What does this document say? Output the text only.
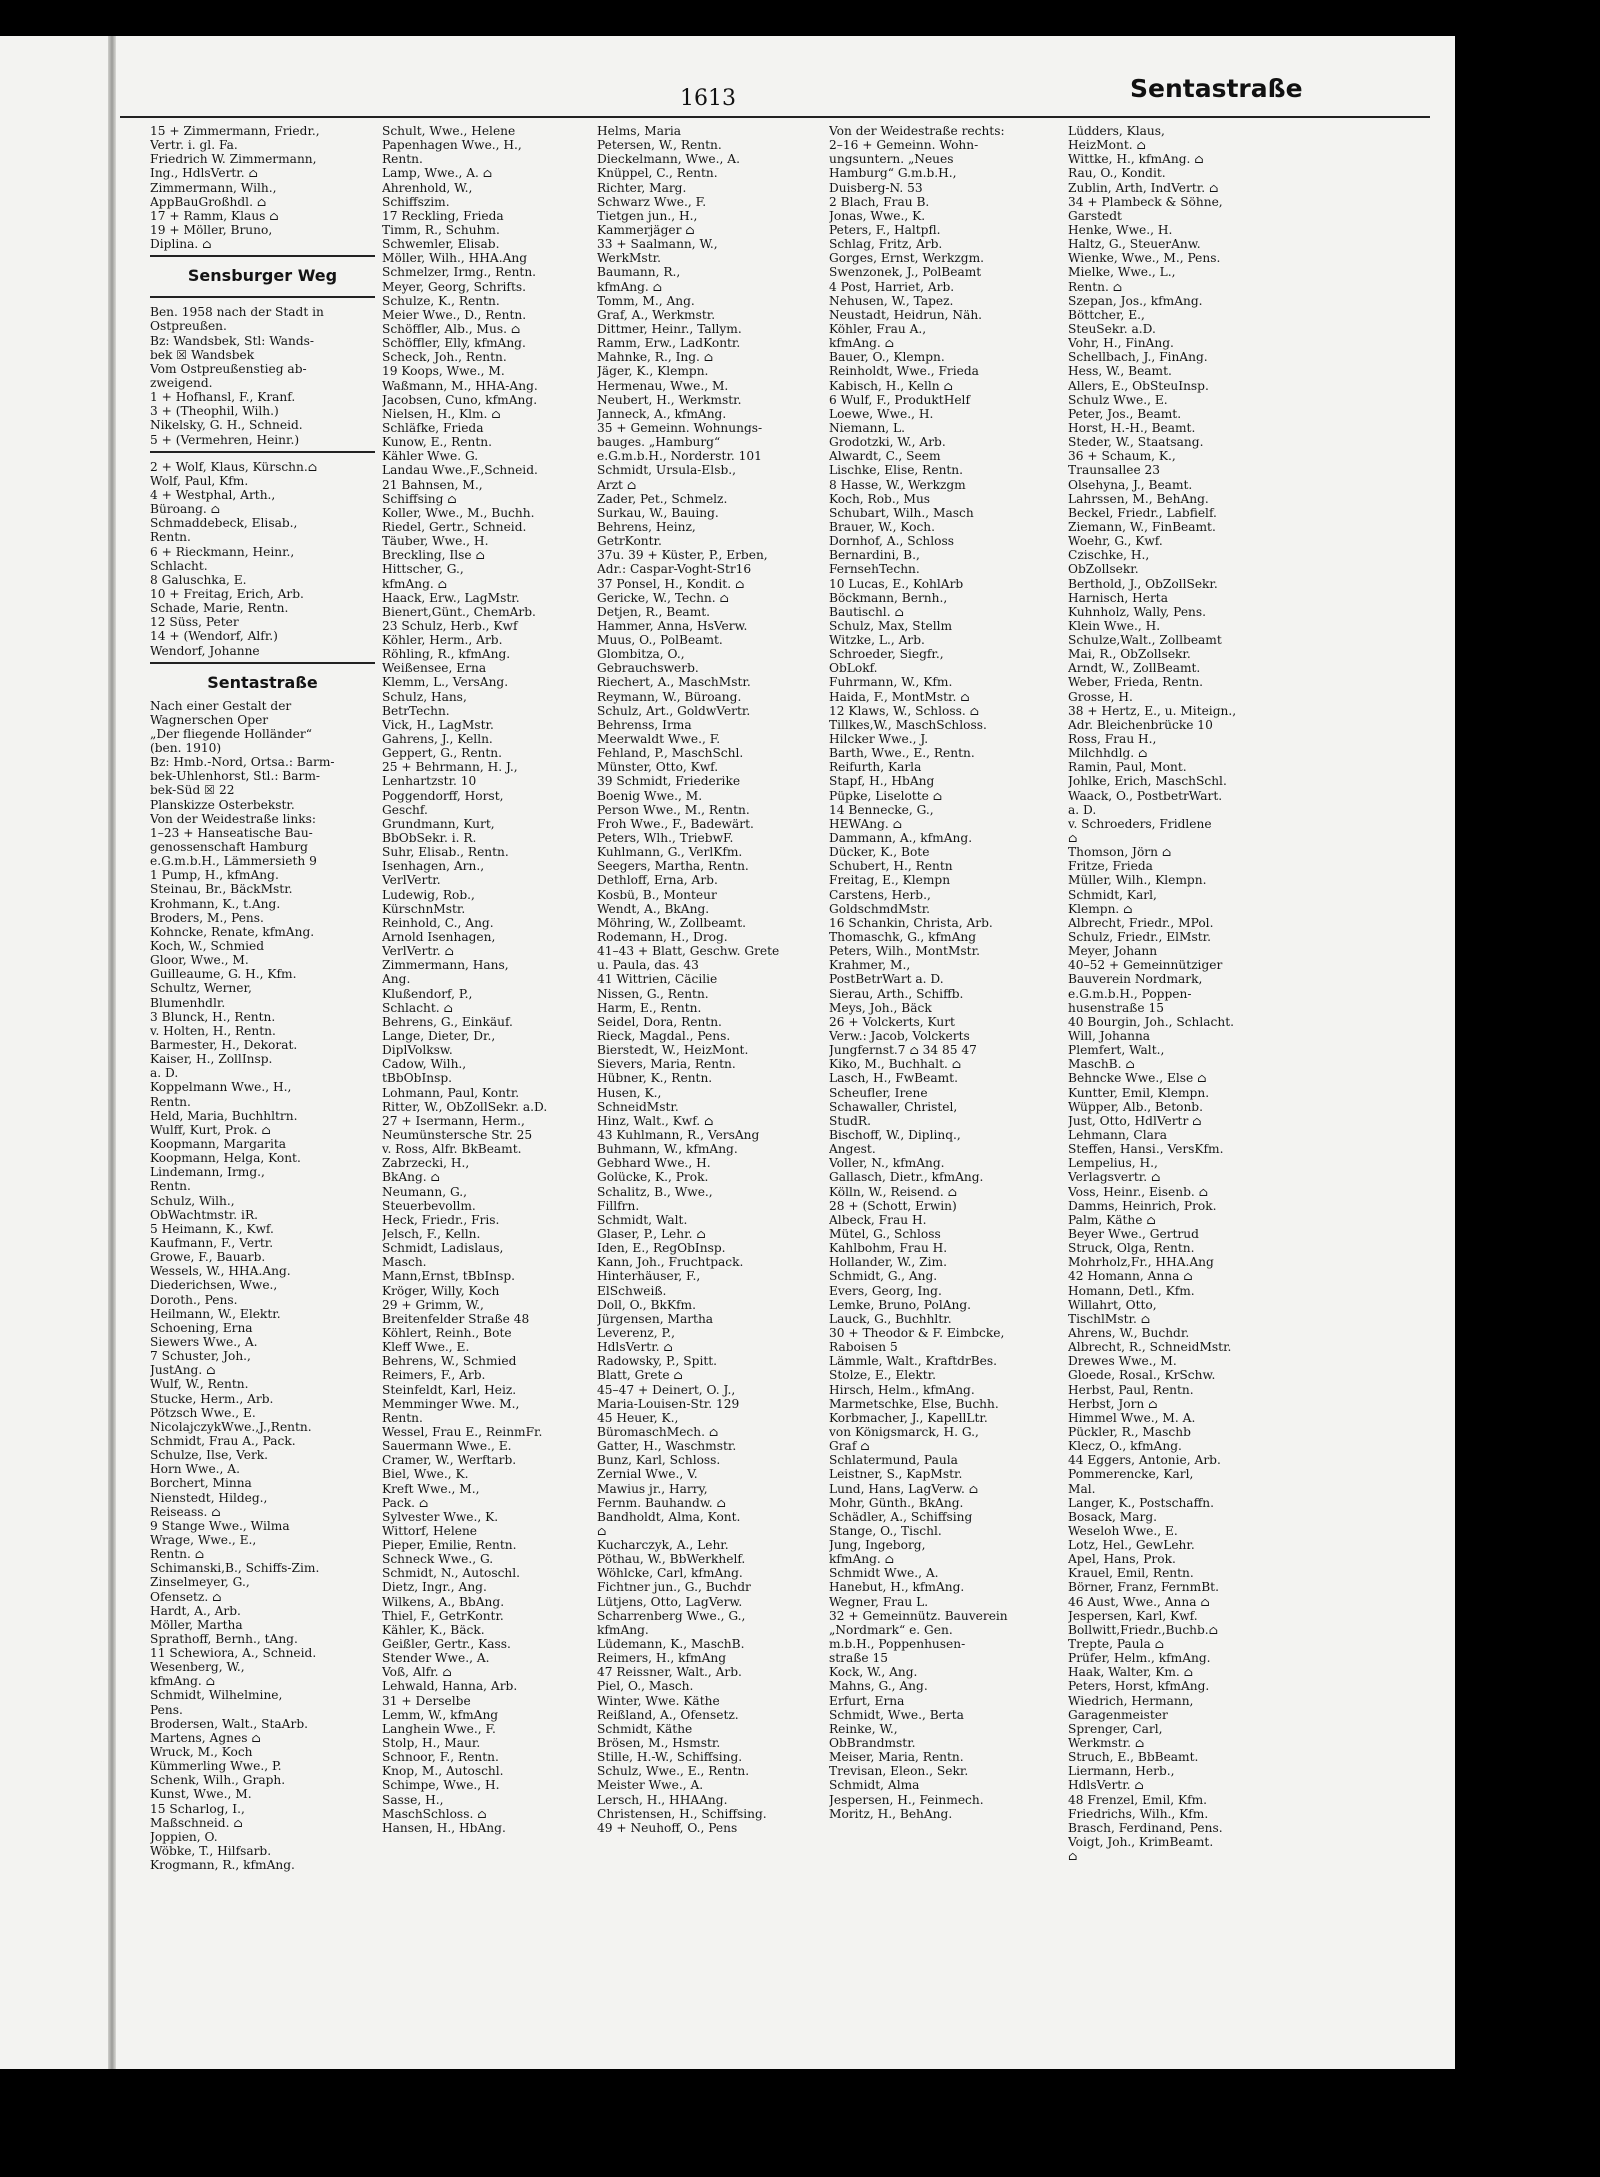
1613	Sentastraße
15 + Zimmermann, Friedr.,
Vertr. i. gl. Fa.
Friedrich W. Zimmermann,
Ing., HdlsVertr. ⌂
Zimmermann, Wilh.,
AppBauGroßhdl. ⌂
17 + Ramm, Klaus ⌂
19 + Möller, Bruno,
Diplina. ⌂
Sensburger Weg
Ben. 1958 nach der Stadt in
Ostpreußen.
Bz: Wandsbek, Stl: Wands-
bek ☒ Wandsbek
Vom Ostpreußenstieg ab-
zweigend.
1 + Hofhansl, F., Kranf.
3 + (Theophil, Wilh.)
Nikelsky, G. H., Schneid.
5 + (Vermehren, Heinr.)
2 + Wolf, Klaus, Kürschn.⌂
Wolf, Paul, Kfm.
4 + Westphal, Arth.,
Büroang. ⌂
Schmaddebeck, Elisab.,
Rentn.
6 + Rieckmann, Heinr.,
Schlacht.
8 Galuschka, E.
10 + Freitag, Erich, Arb.
Schade, Marie, Rentn.
12 Süss, Peter
14 + (Wendorf, Alfr.)
Wendorf, Johanne
Sentastraße
Nach einer Gestalt der
Wagnerschen Oper
„Der fliegende Holländer“
(ben. 1910)
Bz: Hmb.-Nord, Ortsa.: Barm-
bek-Uhlenhorst, Stl.: Barm-
bek-Süd ☒ 22
Planskizze Osterbekstr.
Von der Weidestraße links:
1–23 + Hanseatische Bau-
genossenschaft Hamburg
e.G.m.b.H., Lämmersieth 9
1 Pump, H., kfmAng.
Steinau, Br., BäckMstr.
Krohmann, K., t.Ang.
Broders, M., Pens.
Kohncke, Renate, kfmAng.
Koch, W., Schmied
Gloor, Wwe., M.
Guilleaume, G. H., Kfm.
Schultz, Werner,
Blumenhdlr.
3 Blunck, H., Rentn.
v. Holten, H., Rentn.
Barmester, H., Dekorat.
Kaiser, H., ZollInsp.
a. D.
Koppelmann Wwe., H.,
Rentn.
Held, Maria, Buchhltrn.
Wulff, Kurt, Prok. ⌂
Koopmann, Margarita
Koopmann, Helga, Kont.
Lindemann, Irmg.,
Rentn.
Schulz, Wilh.,
ObWachtmstr. iR.
5 Heimann, K., Kwf.
Kaufmann, F., Vertr.
Growe, F., Bauarb.
Wessels, W., HHA.Ang.
Diederichsen, Wwe.,
Doroth., Pens.
Heilmann, W., Elektr.
Schoening, Erna
Siewers Wwe., A.
7 Schuster, Joh.,
JustAng. ⌂
Wulf, W., Rentn.
Stucke, Herm., Arb.
Pötzsch Wwe., E.
NicolajczykWwe.,J.,Rentn.
Schmidt, Frau A., Pack.
Schulze, Ilse, Verk.
Horn Wwe., A.
Borchert, Minna
Nienstedt, Hildeg.,
Reiseass. ⌂
9 Stange Wwe., Wilma
Wrage, Wwe., E.,
Rentn. ⌂
Schimanski,B., Schiffs-Zim.
Zinselmeyer, G.,
Ofensetz. ⌂
Hardt, A., Arb.
Möller, Martha
Sprathoff, Bernh., tAng.
11 Schewiora, A., Schneid.
Wesenberg, W.,
kfmAng. ⌂
Schmidt, Wilhelmine,
Pens.
Brodersen, Walt., StaArb.
Martens, Agnes ⌂
Wruck, M., Koch
Kümmerling Wwe., P.
Schenk, Wilh., Graph.
Kunst, Wwe., M.
15 Scharlog, I.,
Maßschneid. ⌂
Joppien, O.
Wöbke, T., Hilfsarb.
Krogmann, R., kfmAng.
Schult, Wwe., Helene
Papenhagen Wwe., H.,
Rentn.
Lamp, Wwe., A. ⌂
Ahrenhold, W.,
Schiffszim.
17 Reckling, Frieda
Timm, R., Schuhm.
Schwemler, Elisab.
Möller, Wilh., HHA.Ang
Schmelzer, Irmg., Rentn.
Meyer, Georg, Schrifts.
Schulze, K., Rentn.
Meier Wwe., D., Rentn.
Schöffler, Alb., Mus. ⌂
Schöffler, Elly, kfmAng.
Scheck, Joh., Rentn.
19 Koops, Wwe., M.
Waßmann, M., HHA-Ang.
Jacobsen, Cuno, kfmAng.
Nielsen, H., Klm. ⌂
Schläfke, Frieda
Kunow, E., Rentn.
Kähler Wwe. G.
Landau Wwe.,F.,Schneid.
21 Bahnsen, M.,
Schiffsing ⌂
Koller, Wwe., M., Buchh.
Riedel, Gertr., Schneid.
Täuber, Wwe., H.
Breckling, Ilse ⌂
Hittscher, G.,
kfmAng. ⌂
Haack, Erw., LagMstr.
Bienert,Günt., ChemArb.
23 Schulz, Herb., Kwf
Köhler, Herm., Arb.
Röhling, R., kfmAng.
Weißensee, Erna
Klemm, L., VersAng.
Schulz, Hans,
BetrTechn.
Vick, H., LagMstr.
Gahrens, J., Kelln.
Geppert, G., Rentn.
25 + Behrmann, H. J.,
Lenhartzstr. 10
Poggendorff, Horst,
Geschf.
Grundmann, Kurt,
BbObSekr. i. R.
Suhr, Elisab., Rentn.
Isenhagen, Arn.,
VerlVertr.
Ludewig, Rob.,
KürschnMstr.
Reinhold, C., Ang.
Arnold Isenhagen,
VerlVertr. ⌂
Zimmermann, Hans,
Ang.
Klußendorf, P.,
Schlacht. ⌂
Behrens, G., Einkäuf.
Lange, Dieter, Dr.,
DiplVolksw.
Cadow, Wilh.,
tBbObInsp.
Lohmann, Paul, Kontr.
Ritter, W., ObZollSekr. a.D.
27 + Isermann, Herm.,
Neumünstersche Str. 25
v. Ross, Alfr. BkBeamt.
Zabrzecki, H.,
BkAng. ⌂
Neumann, G.,
Steuerbevollm.
Heck, Friedr., Fris.
Jelsch, F., Kelln.
Schmidt, Ladislaus,
Masch.
Mann,Ernst, tBbInsp.
Kröger, Willy, Koch
29 + Grimm, W.,
Breitenfelder Straße 48
Köhlert, Reinh., Bote
Kleff Wwe., E.
Behrens, W., Schmied
Reimers, F., Arb.
Steinfeldt, Karl, Heiz.
Memminger Wwe. M.,
Rentn.
Wessel, Frau E., ReinmFr.
Sauermann Wwe., E.
Cramer, W., Werftarb.
Biel, Wwe., K.
Kreft Wwe., M.,
Pack. ⌂
Sylvester Wwe., K.
Wittorf, Helene
Pieper, Emilie, Rentn.
Schneck Wwe., G.
Schmidt, N., Autoschl.
Dietz, Ingr., Ang.
Wilkens, A., BbAng.
Thiel, F., GetrKontr.
Kähler, K., Bäck.
Geißler, Gertr., Kass.
Stender Wwe., A.
Voß, Alfr. ⌂
Lehwald, Hanna, Arb.
31 + Derselbe
Lemm, W., kfmAng
Langhein Wwe., F.
Stolp, H., Maur.
Schnoor, F., Rentn.
Knop, M., Autoschl.
Schimpe, Wwe., H.
Sasse, H.,
MaschSchloss. ⌂
Hansen, H., HbAng.
Helms, Maria
Petersen, W., Rentn.
Dieckelmann, Wwe., A.
Knüppel, C., Rentn.
Richter, Marg.
Schwarz Wwe., F.
Tietgen jun., H.,
Kammerjäger ⌂
33 + Saalmann, W.,
WerkMstr.
Baumann, R.,
kfmAng. ⌂
Tomm, M., Ang.
Graf, A., Werkmstr.
Dittmer, Heinr., Tallym.
Ramm, Erw., LadKontr.
Mahnke, R., Ing. ⌂
Jäger, K., Klempn.
Hermenau, Wwe., M.
Neubert, H., Werkmstr.
Janneck, A., kfmAng.
35 + Gemeinn. Wohnungs-
bauges. „Hamburg“
e.G.m.b.H., Norderstr. 101
Schmidt, Ursula-Elsb.,
Arzt ⌂
Zader, Pet., Schmelz.
Surkau, W., Bauing.
Behrens, Heinz,
GetrKontr.
37u. 39 + Küster, P., Erben,
Adr.: Caspar-Voght-Str16
37 Ponsel, H., Kondit. ⌂
Gericke, W., Techn. ⌂
Detjen, R., Beamt.
Hammer, Anna, HsVerw.
Muus, O., PolBeamt.
Glombitza, O.,
Gebrauchswerb.
Riechert, A., MaschMstr.
Reymann, W., Büroang.
Schulz, Art., GoldwVertr.
Behrenss, Irma
Meerwaldt Wwe., F.
Fehland, P., MaschSchl.
Münster, Otto, Kwf.
39 Schmidt, Friederike
Boenig Wwe., M.
Person Wwe., M., Rentn.
Froh Wwe., F., Badewärt.
Peters, Wlh., TriebwF.
Kuhlmann, G., VerlKfm.
Seegers, Martha, Rentn.
Dethloff, Erna, Arb.
Kosbü, B., Monteur
Wendt, A., BkAng.
Möhring, W., Zollbeamt.
Rodemann, H., Drog.
41–43 + Blatt, Geschw. Grete
u. Paula, das. 43
41 Wittrien, Cäcilie
Nissen, G., Rentn.
Harm, E., Rentn.
Seidel, Dora, Rentn.
Rieck, Magdal., Pens.
Bierstedt, W., HeizMont.
Sievers, Maria, Rentn.
Hübner, K., Rentn.
Husen, K.,
SchneidMstr.
Hinz, Walt., Kwf. ⌂
43 Kuhlmann, R., VersAng
Buhmann, W., kfmAng.
Gebhard Wwe., H.
Golücke, K., Prok.
Schalitz, B., Wwe.,
Fillfrn.
Schmidt, Walt.
Glaser, P., Lehr. ⌂
Iden, E., RegObInsp.
Kann, Joh., Fruchtpack.
Hinterhäuser, F.,
ElSchweiß.
Doll, O., BkKfm.
Jürgensen, Martha
Leverenz, P.,
HdlsVertr. ⌂
Radowsky, P., Spitt.
Blatt, Grete ⌂
45–47 + Deinert, O. J.,
Maria-Louisen-Str. 129
45 Heuer, K.,
BüromaschMech. ⌂
Gatter, H., Waschmstr.
Bunz, Karl, Schloss.
Zernial Wwe., V.
Mawius jr., Harry,
Fernm. Bauhandw. ⌂
Bandholdt, Alma, Kont.
⌂
Kucharczyk, A., Lehr.
Pöthau, W., BbWerkhelf.
Wöhlcke, Carl, kfmAng.
Fichtner jun., G., Buchdr
Lütjens, Otto, LagVerw.
Scharrenberg Wwe., G.,
kfmAng.
Lüdemann, K., MaschB.
Reimers, H., kfmAng
47 Reissner, Walt., Arb.
Piel, O., Masch.
Winter, Wwe. Käthe
Reißland, A., Ofensetz.
Schmidt, Käthe
Brösen, M., Hsmstr.
Stille, H.-W., Schiffsing.
Schulz, Wwe., E., Rentn.
Meister Wwe., A.
Lersch, H., HHAAng.
Christensen, H., Schiffsing.
49 + Neuhoff, O., Pens
Von der Weidestraße rechts:
2–16 + Gemeinn. Wohn-
ungsuntern. „Neues
Hamburg“ G.m.b.H.,
Duisberg-N. 53
2 Blach, Frau B.
Jonas, Wwe., K.
Peters, F., Haltpfl.
Schlag, Fritz, Arb.
Gorges, Ernst, Werkzgm.
Swenzonek, J., PolBeamt
4 Post, Harriet, Arb.
Nehusen, W., Tapez.
Neustadt, Heidrun, Näh.
Köhler, Frau A.,
kfmAng. ⌂
Bauer, O., Klempn.
Reinholdt, Wwe., Frieda
Kabisch, H., Kelln ⌂
6 Wulf, F., ProduktHelf
Loewe, Wwe., H.
Niemann, L.
Grodotzki, W., Arb.
Alwardt, C., Seem
Lischke, Elise, Rentn.
8 Hasse, W., Werkzgm
Koch, Rob., Mus
Schubart, Wilh., Masch
Brauer, W., Koch.
Dornhof, A., Schloss
Bernardini, B.,
FernsehTechn.
10 Lucas, E., KohlArb
Böckmann, Bernh.,
Bautischl. ⌂
Schulz, Max, Stellm
Witzke, L., Arb.
Schroeder, Siegfr.,
ObLokf.
Fuhrmann, W., Kfm.
Haida, F., MontMstr. ⌂
12 Klaws, W., Schloss. ⌂
Tillkes,W., MaschSchloss.
Hilcker Wwe., J.
Barth, Wwe., E., Rentn.
Reifurth, Karla
Stapf, H., HbAng
Püpke, Liselotte ⌂
14 Bennecke, G.,
HEWAng. ⌂
Dammann, A., kfmAng.
Dücker, K., Bote
Schubert, H., Rentn
Freitag, E., Klempn
Carstens, Herb.,
GoldschmdMstr.
16 Schankin, Christa, Arb.
Thomaschk, G., kfmAng
Peters, Wilh., MontMstr.
Krahmer, M.,
PostBetrWart a. D.
Sierau, Arth., Schiffb.
Meys, Joh., Bäck
26 + Volckerts, Kurt
Verw.: Jacob, Volckerts
Jungfernst.7 ⌂ 34 85 47
Kiko, M., Buchhalt. ⌂
Lasch, H., FwBeamt.
Scheufler, Irene
Schawaller, Christel,
StudR.
Bischoff, W., Diplinq.,
Angest.
Voller, N., kfmAng.
Gallasch, Dietr., kfmAng.
Kölln, W., Reisend. ⌂
28 + (Schott, Erwin)
Albeck, Frau H.
Mütel, G., Schloss
Kahlbohm, Frau H.
Hollander, W., Zim.
Schmidt, G., Ang.
Evers, Georg, Ing.
Lemke, Bruno, PolAng.
Lauck, G., Buchhltr.
30 + Theodor & F. Eimbcke,
Raboisen 5
Lämmle, Walt., KraftdrBes.
Stolze, E., Elektr.
Hirsch, Helm., kfmAng.
Marmetschke, Else, Buchh.
Korbmacher, J., KapellLtr.
von Königsmarck, H. G.,
Graf ⌂
Schlatermund, Paula
Leistner, S., KapMstr.
Lund, Hans, LagVerw. ⌂
Mohr, Günth., BkAng.
Schädler, A., Schiffsing
Stange, O., Tischl.
Jung, Ingeborg,
kfmAng. ⌂
Schmidt Wwe., A.
Hanebut, H., kfmAng.
Wegner, Frau L.
32 + Gemeinnütz. Bauverein
„Nordmark“ e. Gen.
m.b.H., Poppenhusen-
straße 15
Kock, W., Ang.
Mahns, G., Ang.
Erfurt, Erna
Schmidt, Wwe., Berta
Reinke, W.,
ObBrandmstr.
Meiser, Maria, Rentn.
Trevisan, Eleon., Sekr.
Schmidt, Alma
Jespersen, H., Feinmech.
Moritz, H., BehAng.
Lüdders, Klaus,
HeizMont. ⌂
Wittke, H., kfmAng. ⌂
Rau, O., Kondit.
Zublin, Arth, IndVertr. ⌂
34 + Plambeck & Söhne,
Garstedt
Henke, Wwe., H.
Haltz, G., SteuerAnw.
Wienke, Wwe., M., Pens.
Mielke, Wwe., L.,
Rentn. ⌂
Szepan, Jos., kfmAng.
Böttcher, E.,
SteuSekr. a.D.
Vohr, H., FinAng.
Schellbach, J., FinAng.
Hess, W., Beamt.
Allers, E., ObSteuInsp.
Schulz Wwe., E.
Peter, Jos., Beamt.
Horst, H.-H., Beamt.
Steder, W., Staatsang.
36 + Schaum, K.,
Traunsallee 23
Olsehyna, J., Beamt.
Lahrssen, M., BehAng.
Beckel, Friedr., Labfielf.
Ziemann, W., FinBeamt.
Woehr, G., Kwf.
Czischke, H.,
ObZollsekr.
Berthold, J., ObZollSekr.
Harnisch, Herta
Kuhnholz, Wally, Pens.
Klein Wwe., H.
Schulze,Walt., Zollbeamt
Mai, R., ObZollsekr.
Arndt, W., ZollBeamt.
Weber, Frieda, Rentn.
Grosse, H.
38 + Hertz, E., u. Miteign.,
Adr. Bleichenbrücke 10
Ross, Frau H.,
Milchhdlg. ⌂
Ramin, Paul, Mont.
Johlke, Erich, MaschSchl.
Waack, O., PostbetrWart.
a. D.
v. Schroeders, Fridlene
⌂
Thomson, Jörn ⌂
Fritze, Frieda
Müller, Wilh., Klempn.
Schmidt, Karl,
Klempn. ⌂
Albrecht, Friedr., MPol.
Schulz, Friedr., ElMstr.
Meyer, Johann
40–52 + Gemeinnütziger
Bauverein Nordmark,
e.G.m.b.H., Poppen-
husenstraße 15
40 Bourgin, Joh., Schlacht.
Will, Johanna
Plemfert, Walt.,
MaschB. ⌂
Behncke Wwe., Else ⌂
Kuntter, Emil, Klempn.
Wüpper, Alb., Betonb.
Just, Otto, HdlVertr ⌂
Lehmann, Clara
Steffen, Hansi., VersKfm.
Lempelius, H.,
Verlagsvertr. ⌂
Voss, Heinr., Eisenb. ⌂
Damms, Heinrich, Prok.
Palm, Käthe ⌂
Beyer Wwe., Gertrud
Struck, Olga, Rentn.
Mohrholz,Fr., HHA.Ang
42 Homann, Anna ⌂
Homann, Detl., Kfm.
Willahrt, Otto,
TischlMstr. ⌂
Ahrens, W., Buchdr.
Albrecht, R., SchneidMstr.
Drewes Wwe., M.
Gloede, Rosal., KrSchw.
Herbst, Paul, Rentn.
Herbst, Jorn ⌂
Himmel Wwe., M. A.
Pückler, R., Maschb
Klecz, O., kfmAng.
44 Eggers, Antonie, Arb.
Pommerencke, Karl,
Mal.
Langer, K., Postschaffn.
Bosack, Marg.
Weseloh Wwe., E.
Lotz, Hel., GewLehr.
Apel, Hans, Prok.
Krauel, Emil, Rentn.
Börner, Franz, FernmBt.
46 Aust, Wwe., Anna ⌂
Jespersen, Karl, Kwf.
Bollwitt,Friedr.,Buchb.⌂
Trepte, Paula ⌂
Prüfer, Helm., kfmAng.
Haak, Walter, Km. ⌂
Peters, Horst, kfmAng.
Wiedrich, Hermann,
Garagenmeister
Sprenger, Carl,
Werkmstr. ⌂
Struch, E., BbBeamt.
Liermann, Herb.,
HdlsVertr. ⌂
48 Frenzel, Emil, Kfm.
Friedrichs, Wilh., Kfm.
Brasch, Ferdinand, Pens.
Voigt, Joh., KrimBeamt.
⌂
